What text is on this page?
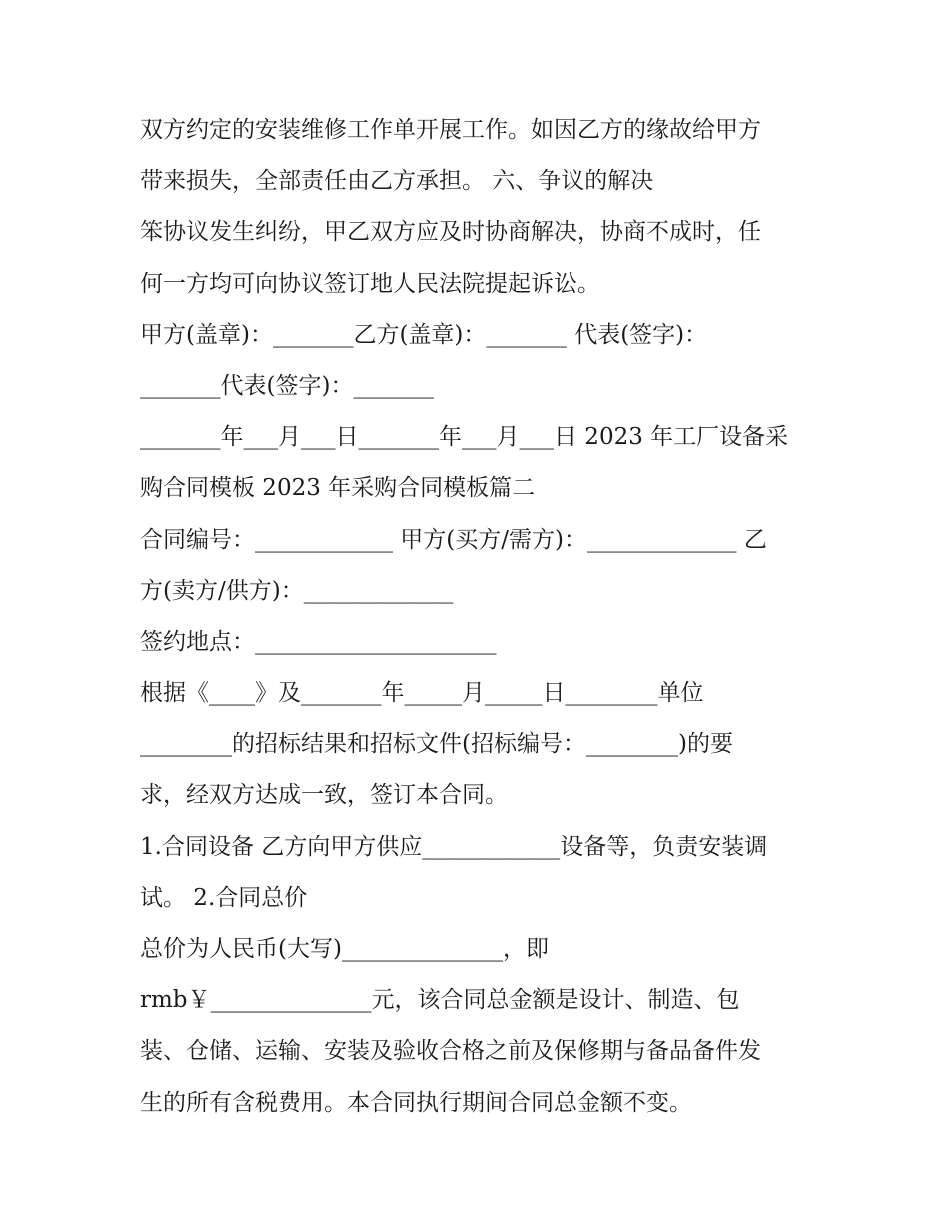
双方约定的安装维修工作单开展工作。如因乙方的缘故给甲方
带来损失，全部责任由乙方承担。 六、争议的解决
笨协议发生纠纷，甲乙双方应及时协商解决，协商不成时，任
何一方均可向协议签订地人民法院提起诉讼。
甲方(盖章)：_______乙方(盖章)：_______ 代表(签字)：
_______代表(签字)：_______
_______年___月___日_______年___月___日 2023 年工厂设备采
购合同模板 2023 年采购合同模板篇二
合同编号：____________ 甲方(买方/需方)：_____________ 乙
方(卖方/供方)：_____________
签约地点：_____________________
根据《____》及_______年_____月_____日________单位
________的招标结果和招标文件(招标编号：________)的要
求，经双方达成一致，签订本合同。
1.合同设备 乙方向甲方供应____________设备等，负责安装调
试。 2.合同总价
总价为人民币(大写)______________，即
rmb￥______________元，该合同总金额是设计、制造、包
装、仓储、运输、安装及验收合格之前及保修期与备品备件发
生的所有含税费用。本合同执行期间合同总金额不变。
